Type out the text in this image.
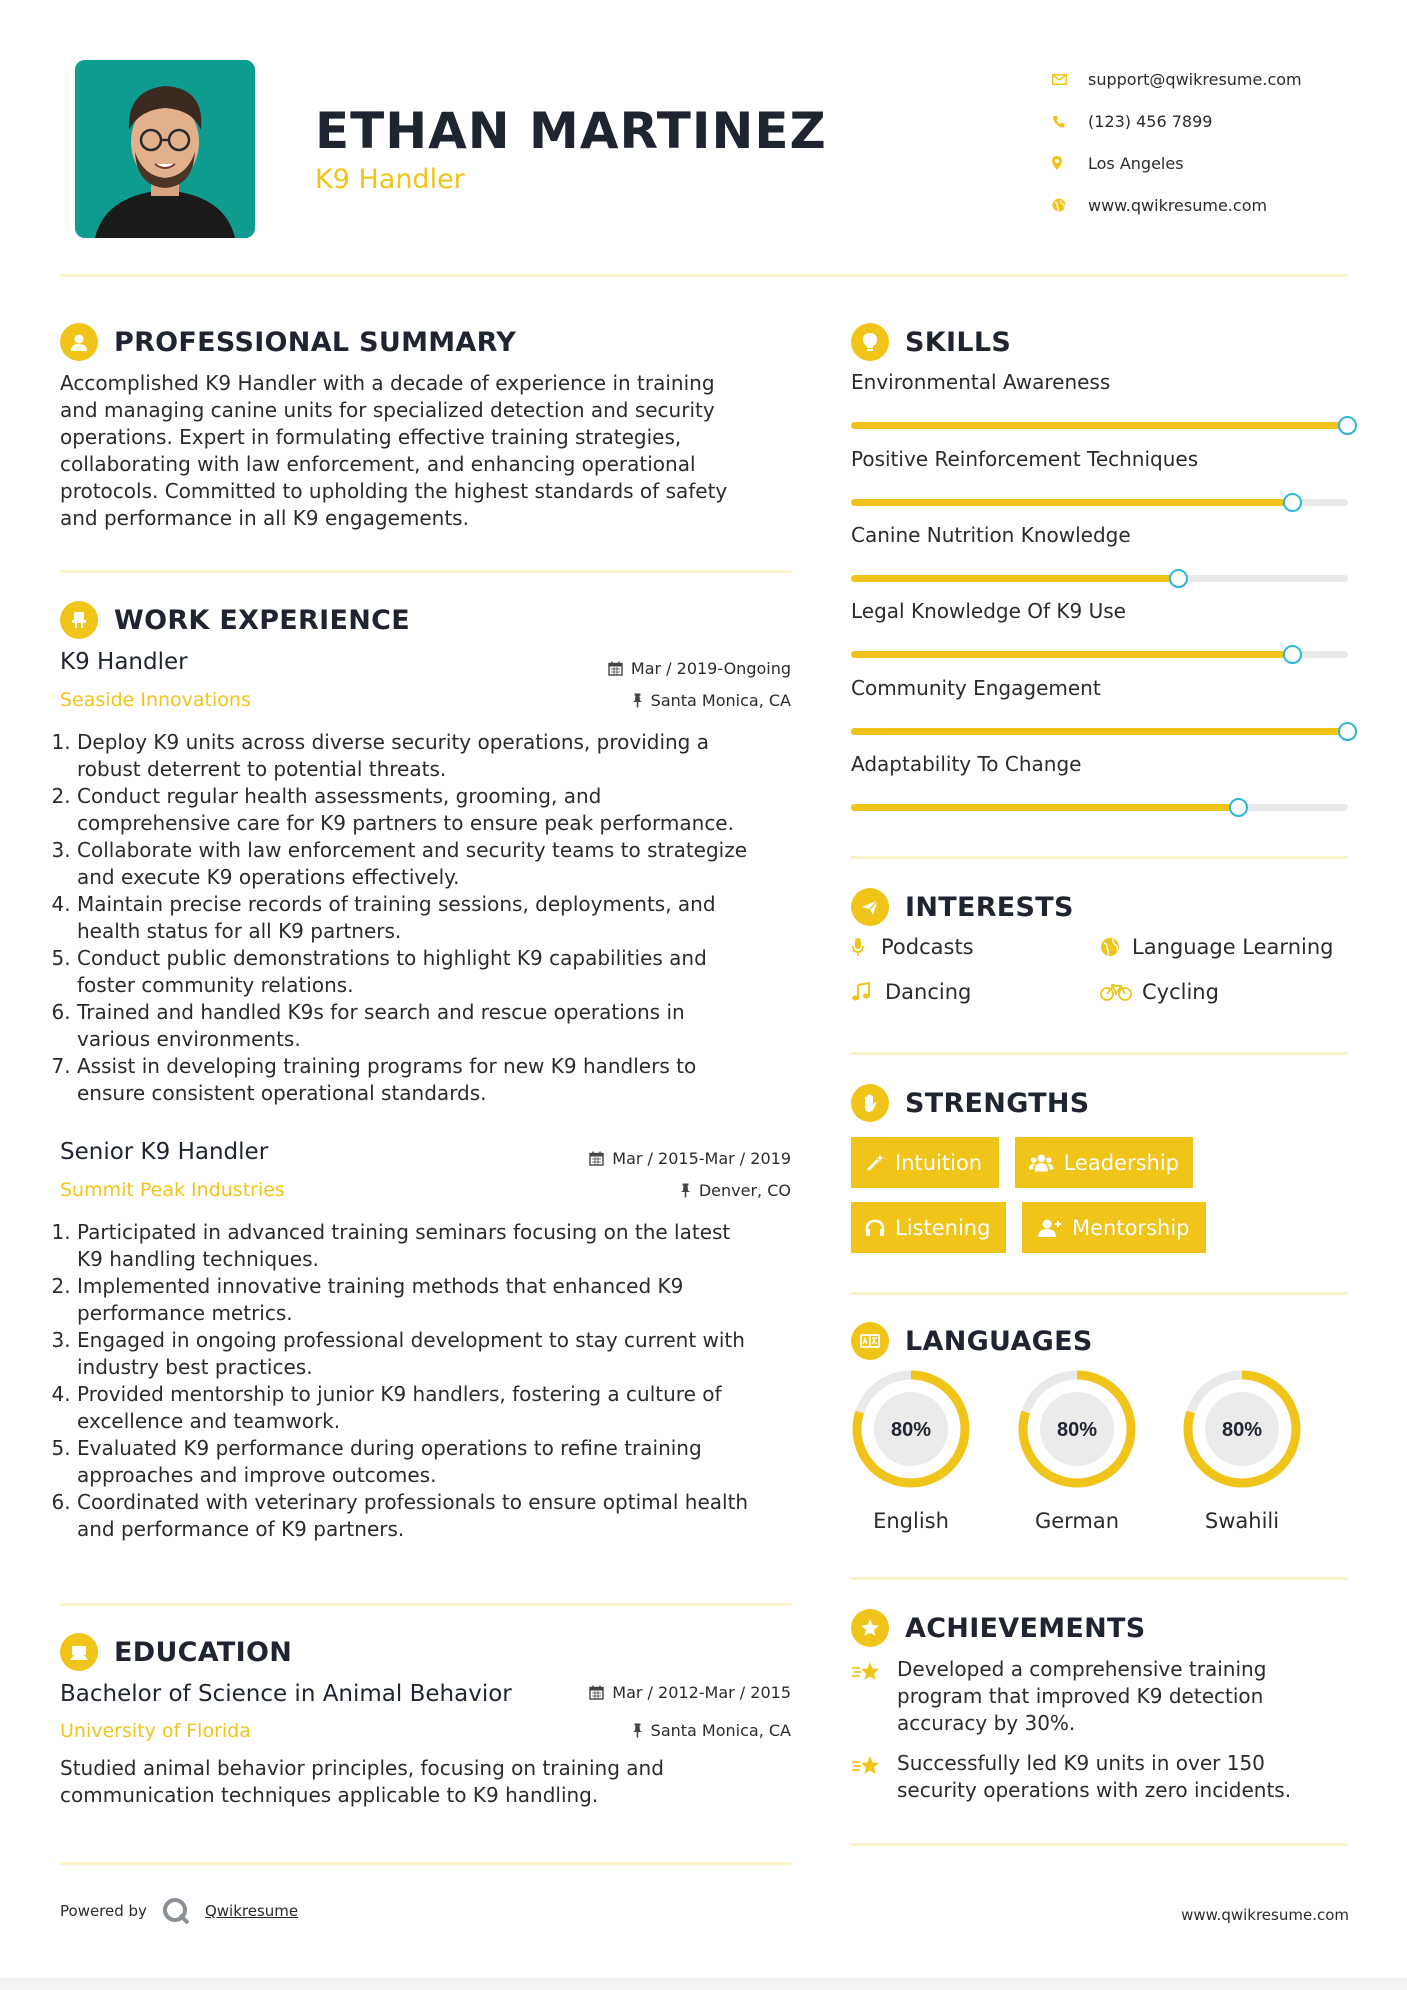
ETHAN MARTINEZ
K9 Handler
support@qwikresume.com
(123) 456 7899
Los Angeles
www.qwikresume.com
PROFESSIONAL SUMMARY
Accomplished K9 Handler with a decade of experience in training
and managing canine units for specialized detection and security
operations. Expert in formulating effective training strategies,
collaborating with law enforcement, and enhancing operational
protocols. Committed to upholding the highest standards of safety
and performance in all K9 engagements.
WORK EXPERIENCE
K9 Handler
Seaside Innovations
Mar / 2019-Ongoing
Santa Monica, CA
1. Deploy K9 units across diverse security operations, providing a
robust deterrent to potential threats.
2. Conduct regular health assessments, grooming, and
comprehensive care for K9 partners to ensure peak performance.
3. Collaborate with law enforcement and security teams to strategize
and execute K9 operations effectively.
4. Maintain precise records of training sessions, deployments, and
health status for all K9 partners.
5. Conduct public demonstrations to highlight K9 capabilities and
foster community relations.
6. Trained and handled K9s for search and rescue operations in
various environments.
7. Assist in developing training programs for new K9 handlers to
ensure consistent operational standards.
Senior K9 Handler
Summit Peak Industries
Mar / 2015-Mar / 2019
Denver, CO
1. Participated in advanced training seminars focusing on the latest
K9 handling techniques.
2. Implemented innovative training methods that enhanced K9
performance metrics.
3. Engaged in ongoing professional development to stay current with
industry best practices.
4. Provided mentorship to junior K9 handlers, fostering a culture of
excellence and teamwork.
5. Evaluated K9 performance during operations to refine training
approaches and improve outcomes.
6. Coordinated with veterinary professionals to ensure optimal health
and performance of K9 partners.
EDUCATION
Bachelor of Science in Animal Behavior
University of Florida
Mar / 2012-Mar / 2015
Santa Monica, CA
Studied animal behavior principles, focusing on training and
communication techniques applicable to K9 handling.
SKILLS
Environmental Awareness
Positive Reinforcement Techniques
Canine Nutrition Knowledge
Legal Knowledge Of K9 Use
Community Engagement
Adaptability To Change
INTERESTS
Podcasts	Language Learning
Dancing	Cycling
STRENGTHS
Intuition	Leadership
Listening	Mentorship
LANGUAGES
80%
English
80%
German
80%
Swahili
ACHIEVEMENTS
Developed a comprehensive training
program that improved K9 detection
accuracy by 30%.
Successfully led K9 units in over 150
security operations with zero incidents.
Powered by	Qwikresume	www.qwikresume.com
